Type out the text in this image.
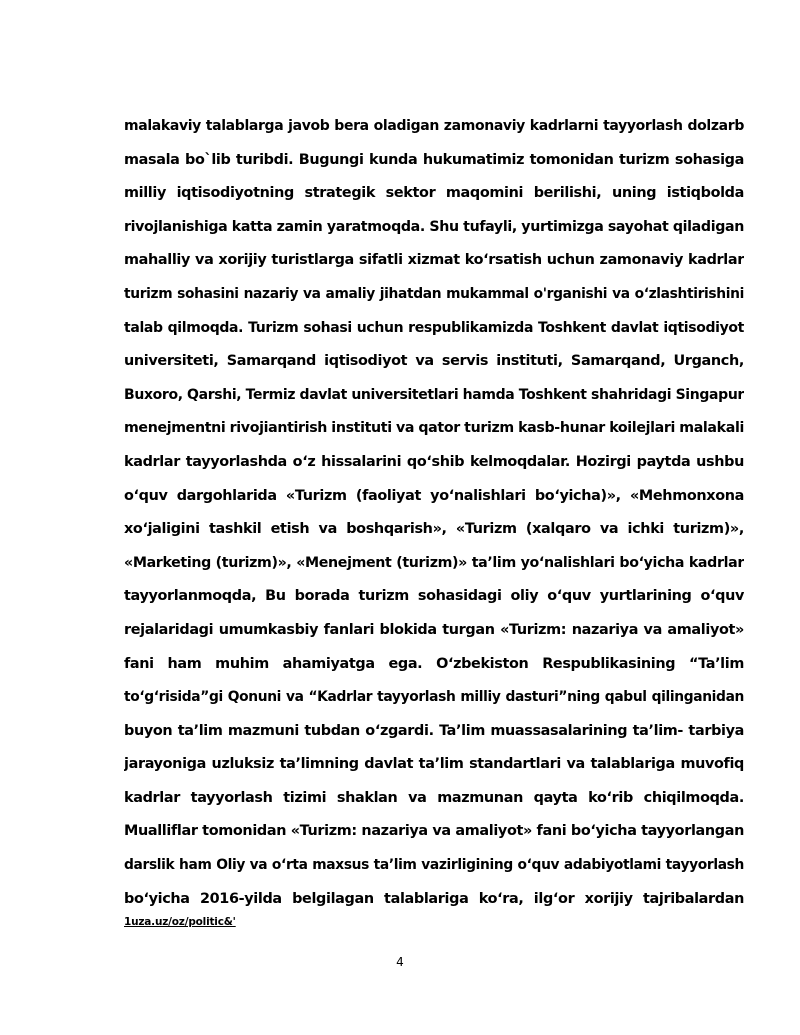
malakaviy talablarga javob bera oladigan zamonaviy kadrlarni tayyorlash dolzarb
masala bo`lib turibdi. Bugungi kunda hukumatimiz tomonidan turizm sohasiga
milliy iqtisodiyotning strategik sektor maqomini berilishi, uning istiqbolda
rivojlanishiga katta zamin yaratmoqda. Shu tufayli, yurtimizga sayohat qiladigan
mahalliy va xorijiy turistlarga sifatli xizmat ko‘rsatish uchun zamonaviy kadrlar
turizm sohasini nazariy va amaliy jihatdan mukammal o'rganishi va o‘zlashtirishini
talab qilmoqda. Turizm sohasi uchun respublikamizda Toshkent davlat iqtisodiyot
universiteti, Samarqand iqtisodiyot va servis instituti, Samarqand, Urganch,
Buxoro, Qarshi, Termiz davlat universitetlari hamda Toshkent shahridagi Singapur
menejmentni rivojiantirish instituti va qator turizm kasb-hunar koilejlari malakali
kadrlar tayyorlashda o‘z hissalarini qo‘shib kelmoqdalar. Hozirgi paytda ushbu
o‘quv dargohlarida «Turizm (faoliyat yo‘nalishlari bo‘yicha)», «Mehmonxona
xo‘jaligini tashkil etish va boshqarish», «Turizm (xalqaro va ichki turizm)»,
«Marketing (turizm)», «Menejment (turizm)» ta’lim yo‘nalishlari bo‘yicha kadrlar
tayyorlanmoqda, Bu borada turizm sohasidagi oliy o‘quv yurtlarining o‘quv
rejalaridagi umumkasbiy fanlari blokida turgan «Turizm: nazariya va amaliyot»
fani ham muhim ahamiyatga ega. O‘zbekiston Respublikasining “Ta’lim
to‘g‘risida”gi Qonuni va “Kadrlar tayyorlash milliy dasturi”ning qabul qilinganidan
buyon ta’lim mazmuni tubdan o‘zgardi. Ta’lim muassasalarining ta’lim- tarbiya
jarayoniga uzluksiz ta’limning davlat ta’lim standartlari va talablariga muvofiq
kadrlar tayyorlash tizimi shaklan va mazmunan qayta ko‘rib chiqilmoqda.
Mualliflar tomonidan «Turizm: nazariya va amaliyot» fani bo‘yicha tayyorlangan
darslik ham Oliy va o‘rta maxsus ta’lim vazirligining o‘quv adabiyotlami tayyorlash
bo‘yicha 2016-yilda belgilagan talablariga ko‘ra, ilg‘or xorijiy tajribalardan
1uza.uz/oz/politic&'
4
